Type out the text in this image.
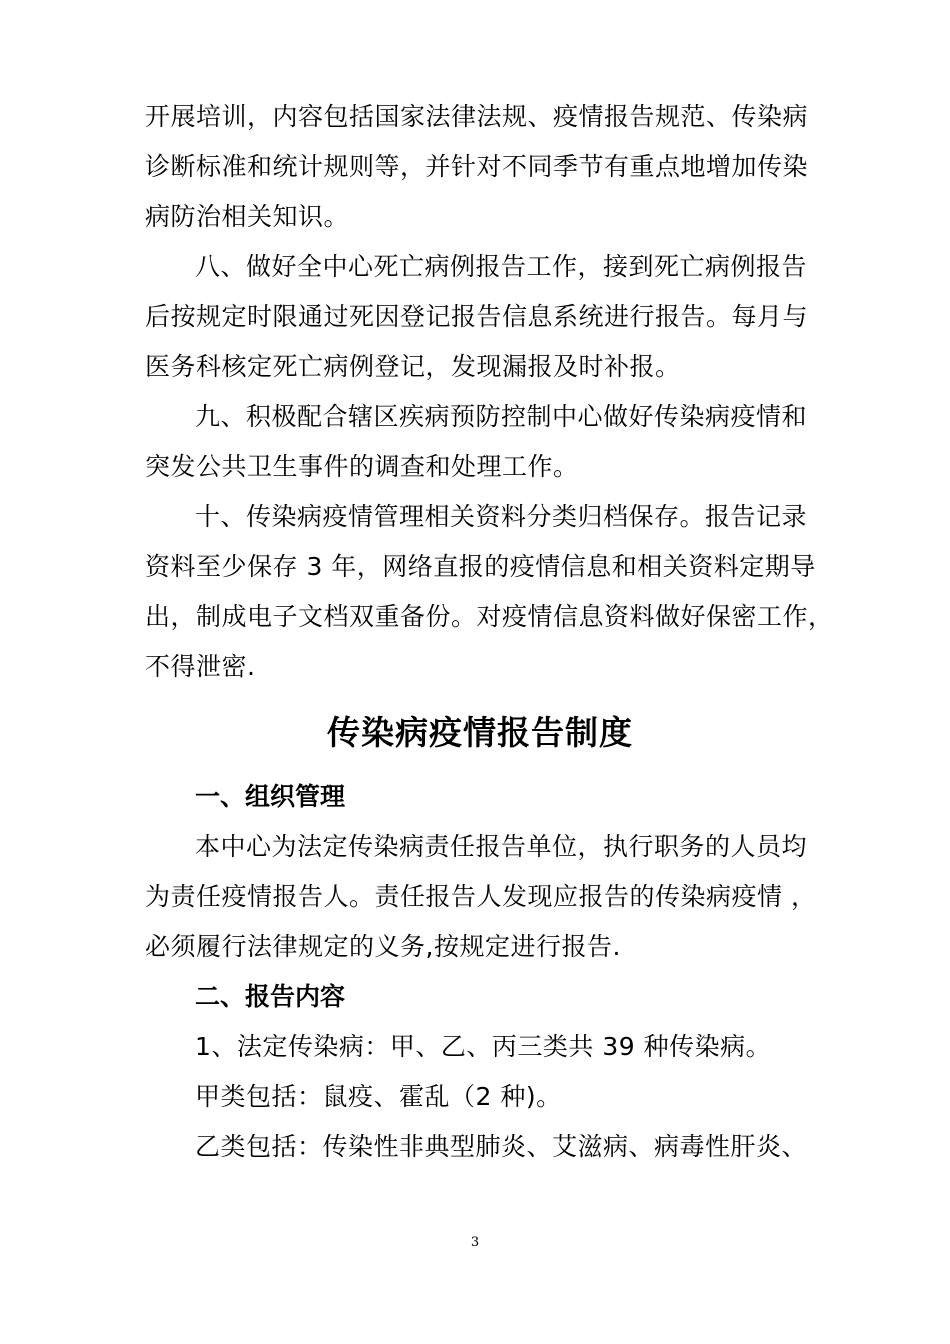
开展培训，内容包括国家法律法规、疫情报告规范、传染病
诊断标准和统计规则等，并针对不同季节有重点地增加传染
病防治相关知识。
八、做好全中心死亡病例报告工作，接到死亡病例报告
后按规定时限通过死因登记报告信息系统进行报告。每月与
医务科核定死亡病例登记，发现漏报及时补报。
九、积极配合辖区疾病预防控制中心做好传染病疫情和
突发公共卫生事件的调查和处理工作。
十、传染病疫情管理相关资料分类归档保存。报告记录
资料至少保存 3 年，网络直报的疫情信息和相关资料定期导
出，制成电子文档双重备份。对疫情信息资料做好保密工作，
不得泄密.
传染病疫情报告制度
一、组织管理
本中心为法定传染病责任报告单位，执行职务的人员均
为责任疫情报告人。责任报告人发现应报告的传染病疫情 ，
必须履行法律规定的义务,按规定进行报告.
二、报告内容
1、法定传染病：甲、乙、丙三类共 39 种传染病。
甲类包括：鼠疫、霍乱（2 种)。
乙类包括：传染性非典型肺炎、艾滋病、病毒性肝炎、
3
